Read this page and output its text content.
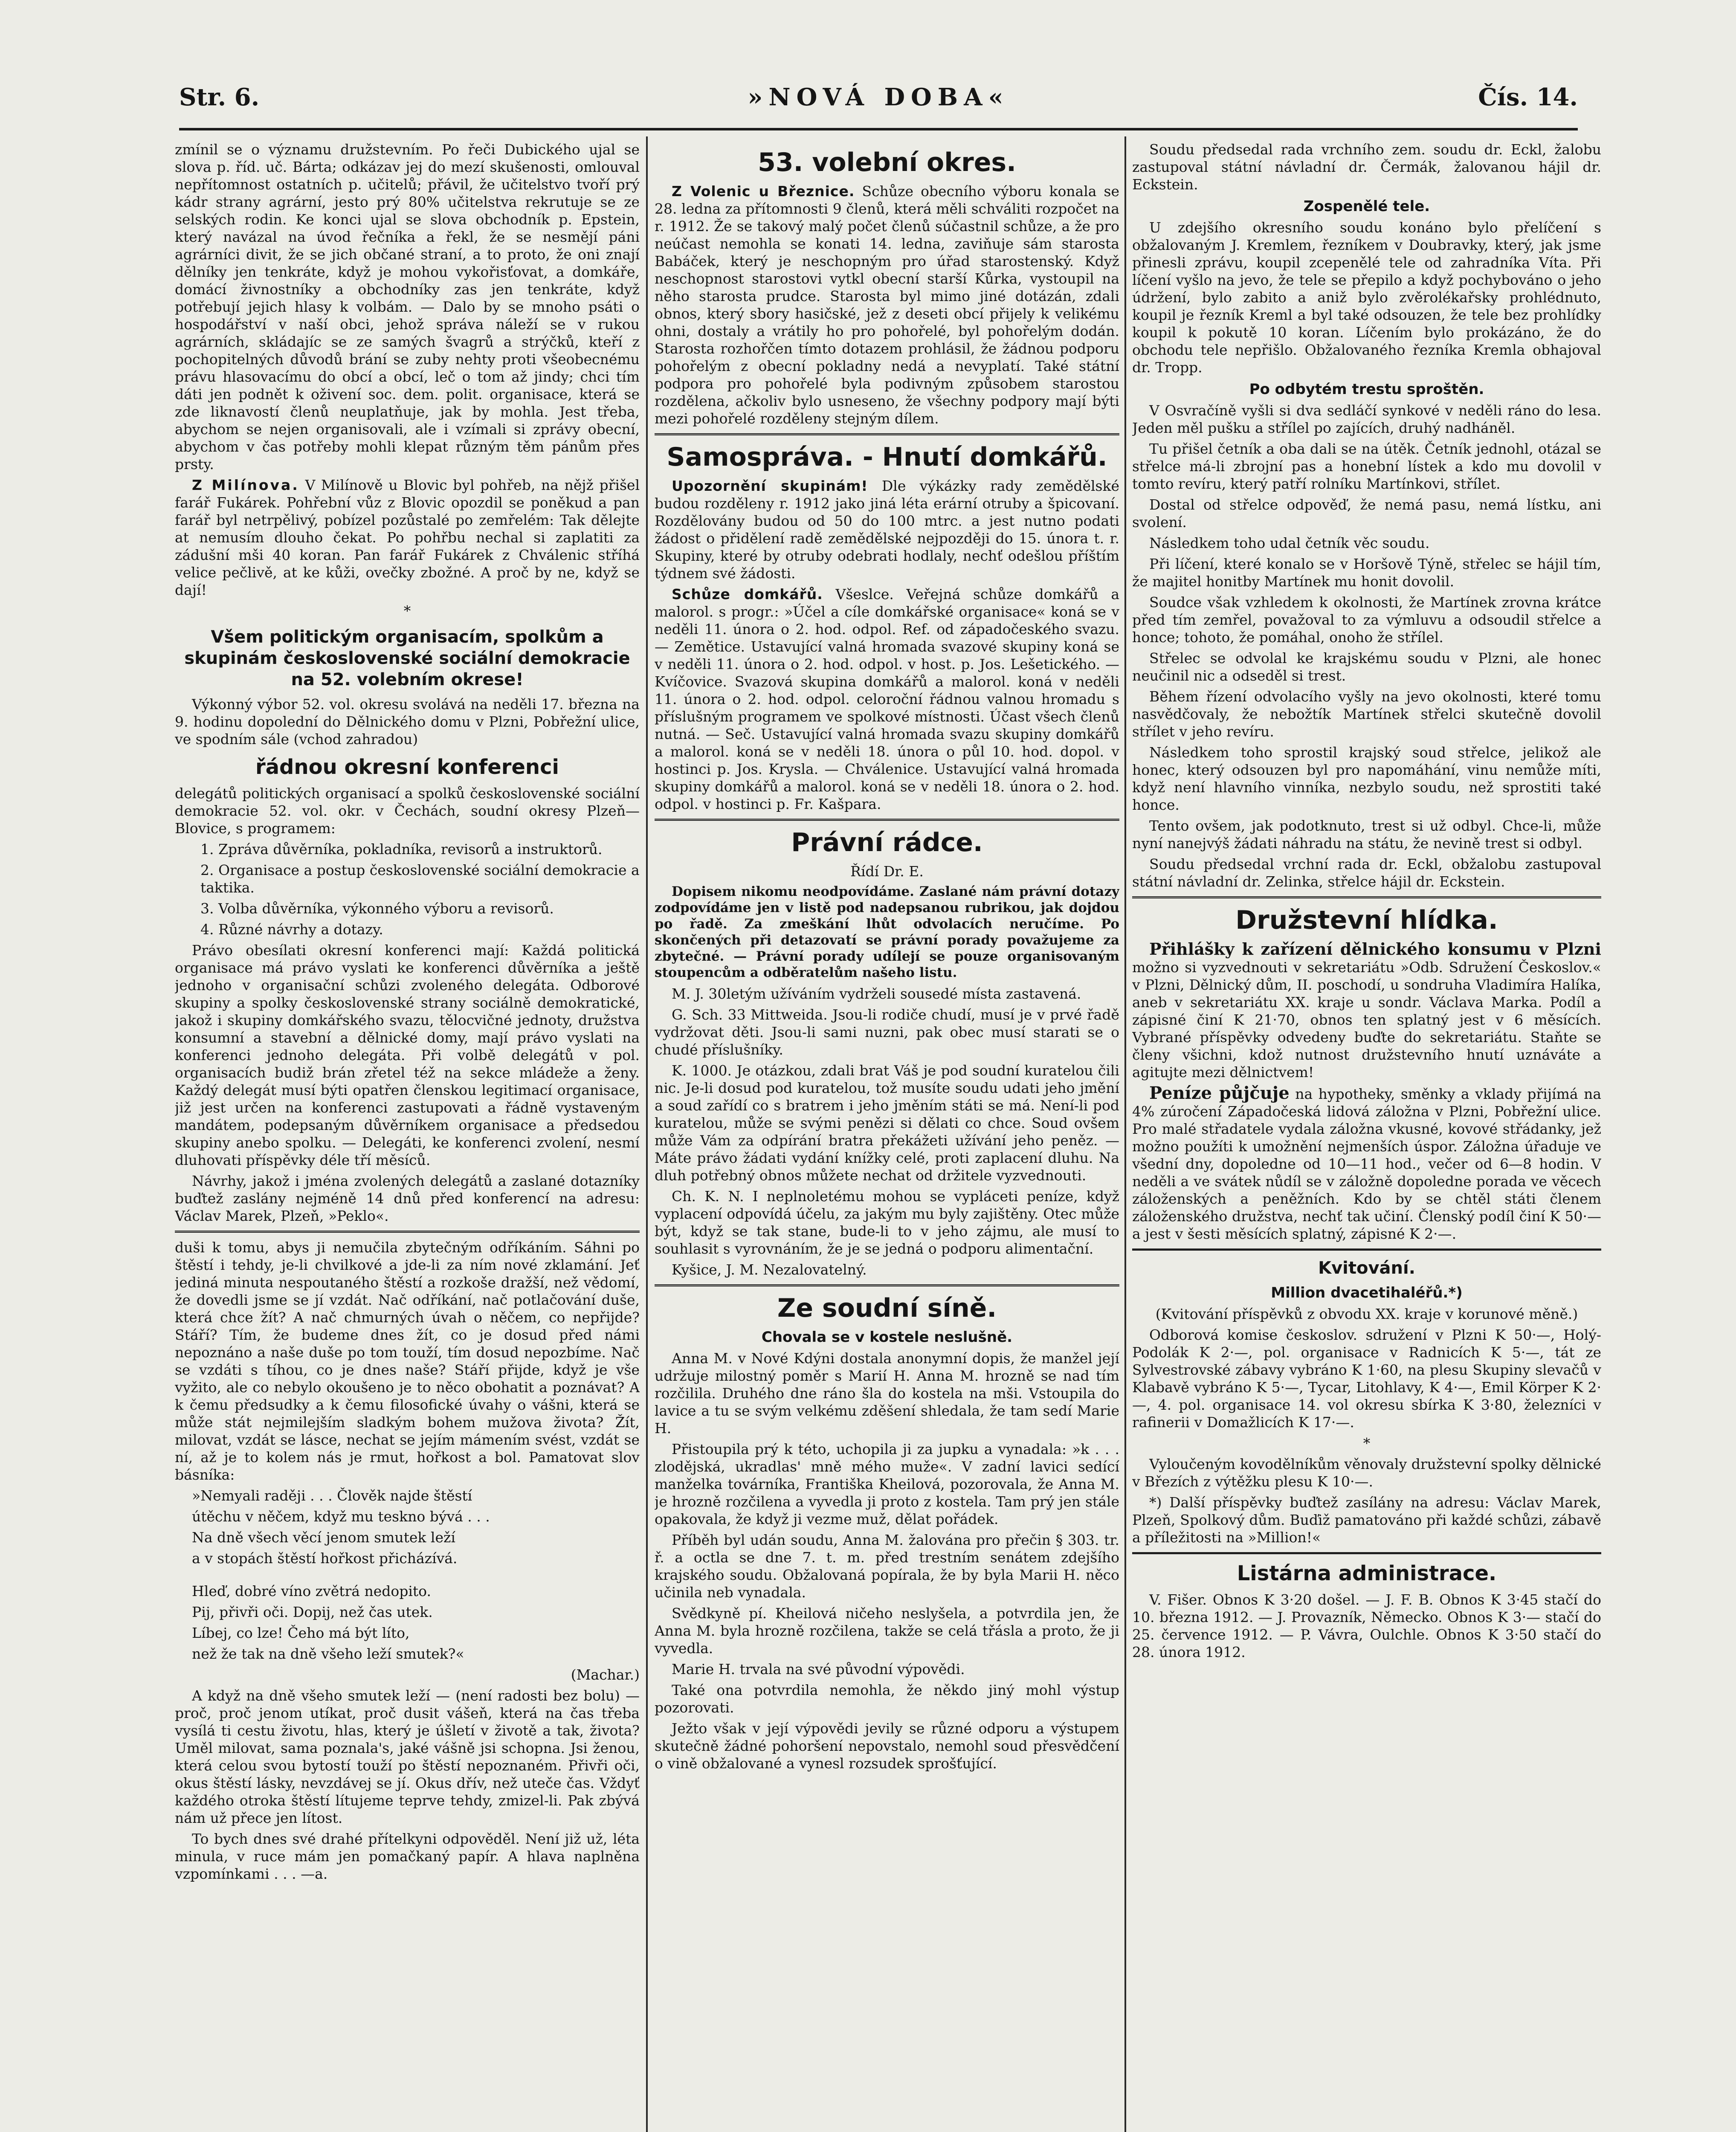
Str. 6.	»NOVÁ DOBA«	Čís. 14.

zmínil se o významu družstevním. Po řeči Dubického ujal se slova p. říd. uč. Bárta; odkázav jej do mezí skušenosti, omlouval nepřítomnost ostatních p. učitelů; přávil, že učitelstvo tvoří prý kádr strany agrární, jesto prý 80% učitelstva rekrutuje se ze selských rodin. Ke konci ujal se slova obchodník p. Epstein, který navázal na úvod řečníka a řekl, že se nesmějí páni agrárníci divit, že se jich občané straní, a to proto, že oni znají dělníky jen tenkráte, když je mohou vykořisťovat, a domkáře, domácí živnostníky a obchodníky zas jen tenkráte, když potřebují jejich hlasy k volbám. — Dalo by se mnoho psáti o hospodářství v naší obci, jehož správa náleží se v rukou agrárních, skládajíc se ze samých švagrů a strýčků, kteří z pochopitelných důvodů brání se zuby nehty proti všeobecnému právu hlasovacímu do obcí a obcí, leč o tom až jindy; chci tím dáti jen podnět k oživení soc. dem. polit. organisace, která se zde liknavostí členů neuplatňuje, jak by mohla. Jest třeba, abychom se nejen organisovali, ale i vzímali si zprávy obecní, abychom v čas potřeby mohli klepat různým těm pánům přes prsty.

Z Milínova. V Milínově u Blovic byl pohřeb, na nějž přišel farář Fukárek. Pohřební vůz z Blovic opozdil se poněkud a pan farář byl netrpělivý, pobízel pozůstalé po zemřelém: Tak dělejte at nemusím dlouho čekat. Po pohřbu nechal si zaplatiti za zádušní mši 40 koran. Pan farář Fukárek z Chválenic stříhá velice pečlivě, at ke kůži, ovečky zbožné. A proč by ne, když se dají!

*

Všem politickým organisacím, spolkům a skupinám československé sociální demokracie na 52. volebním okrese!

Výkonný výbor 52. vol. okresu svolává na neděli 17. března na 9. hodinu dopolední do Dělnického domu v Plzni, Pobřežní ulice, ve spodním sále (vchod zahradou)

řádnou okresní konferenci

delegátů politických organisací a spolků československé sociální demokracie 52. vol. okr. v Čechách, soudní okresy Plzeň—Blovice, s programem:

1. Zpráva důvěrníka, pokladníka, revisorů a instruktorů.

2. Organisace a postup československé sociální demokracie a taktika.

3. Volba důvěrníka, výkonného výboru a revisorů.

4. Různé návrhy a dotazy.

Právo obesílati okresní konferenci mají: Každá politická organisace má právo vyslati ke konferenci důvěrníka a ještě jednoho v organisační schůzi zvoleného delegáta. Odborové skupiny a spolky československé strany sociálně demokratické, jakož i skupiny domkářského svazu, tělocvičné jednoty, družstva konsumní a stavební a dělnické domy, mají právo vyslati na konferenci jednoho delegáta. Při volbě delegátů v pol. organisacích budiž brán zřetel též na sekce mládeže a ženy. Každý delegát musí býti opatřen členskou legitimací organisace, již jest určen na konferenci zastupovati a řádně vystaveným mandátem, podepsaným důvěrníkem organisace a předsedou skupiny anebo spolku. — Delegáti, ke konferenci zvolení, nesmí dluhovati příspěvky déle tří měsíců.

Návrhy, jakož i jména zvolených delegátů a zaslané dotazníky buďtež zaslány nejméně 14 dnů před konferencí na adresu: Václav Marek, Plzeň, »Peklo«.

duši k tomu, abys ji nemučila zbytečným odříkáním. Sáhni po štěstí i tehdy, je-li chvilkové a jde-li za ním nové zklamání. Jeť jediná minuta nespoutaného štěstí a rozkoše dražší, než vědomí, že dovedli jsme se jí vzdát. Nač odříkání, nač potlačování duše, která chce žít? A nač chmurných úvah o něčem, co nepřijde? Stáří? Tím, že budeme dnes žít, co je dosud před námi nepoznáno a naše duše po tom touží, tím dosud nepozbíme. Nač se vzdáti s tíhou, co je dnes naše? Stáří přijde, když je vše vyžito, ale co nebylo okoušeno je to něco obohatit a poznávat? A k čemu předsudky a k čemu filosofické úvahy o vášni, která se může stát nejmilejším sladkým bohem mužova života? Žít, milovat, vzdát se lásce, nechat se jejím mámením svést, vzdát se ní, až je to kolem nás je rmut, hořkost a bol. Pamatovat slov básníka:

»Nemyali raději . . . Člověk najde štěstí

útěchu v něčem, když mu teskno bývá . . .

Na dně všech věcí jenom smutek leží

a v stopách štěstí hořkost přicházívá.

Hleď, dobré víno zvětrá nedopito.

Pij, přivři oči. Dopij, než čas utek.

Líbej, co lze! Čeho má být líto,

než že tak na dně všeho leží smutek?«

(Machar.)

A když na dně všeho smutek leží — (není radosti bez bolu) — proč, proč jenom utíkat, proč dusit vášeň, která na čas třeba vysílá ti cestu životu, hlas, který je úšletí v životě a tak, života? Uměl milovat, sama poznala's, jaké vášně jsi schopna. Jsi ženou, která celou svou bytostí touží po štěstí nepoznaném. Přivři oči, okus štěstí lásky, nevzdávej se jí. Okus dřív, než uteče čas. Vždyť každého otroka štěstí lítujeme teprve tehdy, zmizel-li. Pak zbývá nám už přece jen lítost.

To bych dnes své drahé přítelkyni odpověděl. Není již už, léta minula, v ruce mám jen pomačkaný papír. A hlava naplněna vzpomínkami . . . —a.

53. volební okres.

Z Volenic u Březnice. Schůze obecního výboru konala se 28. ledna za přítomnosti 9 členů, která měli schváliti rozpočet na r. 1912. Že se takový malý počet členů súčastnil schůze, a že pro neúčast nemohla se konati 14. ledna, zaviňuje sám starosta Babáček, který je neschopným pro úřad starostenský. Když neschopnost starostovi vytkl obecní starší Kůrka, vystoupil na něho starosta prudce. Starosta byl mimo jiné dotázán, zdali obnos, který sbory hasičské, jež z deseti obcí přijely k velikému ohni, dostaly a vrátily ho pro pohořelé, byl pohořelým dodán. Starosta rozhořčen tímto dotazem prohlásil, že žádnou podporu pohořelým z obecní pokladny nedá a nevyplatí. Také státní podpora pro pohořelé byla podivným způsobem starostou rozdělena, ačkoliv bylo usneseno, že všechny podpory mají býti mezi pohořelé rozděleny stejným dílem.

Samospráva. - Hnutí domkářů.

Upozornění skupinám! Dle výkázky rady zemědělské budou rozděleny r. 1912 jako jiná léta erární otruby a špicovaní. Rozdělovány budou od 50 do 100 mtrc. a jest nutno podati žádost o přidělení radě zemědělské nejpozději do 15. února t. r. Skupiny, které by otruby odebrati hodlaly, nechť odešlou příštím týdnem své žádosti.

Schůze domkářů. Všeslce. Veřejná schůze domkářů a malorol. s progr.: »Účel a cíle domkářské organisace« koná se v neděli 11. února o 2. hod. odpol. Ref. od západočeského svazu. — Zemětice. Ustavující valná hromada svazové skupiny koná se v neděli 11. února o 2. hod. odpol. v host. p. Jos. Lešetického. — Kvíčovice. Svazová skupina domkářů a malorol. koná v neděli 11. února o 2. hod. odpol. celoroční řádnou valnou hromadu s příslušným programem ve spolkové místnosti. Účast všech členů nutná. — Seč. Ustavující valná hromada svazu skupiny domkářů a malorol. koná se v neděli 18. února o půl 10. hod. dopol. v hostinci p. Jos. Krysla. — Chválenice. Ustavující valná hromada skupiny domkářů a malorol. koná se v neděli 18. února o 2. hod. odpol. v hostinci p. Fr. Kašpara.

Právní rádce.

Řídí Dr. E.

Dopisem nikomu neodpovídáme. Zaslané nám právní dotazy zodpovídáme jen v listě pod nadepsanou rubrikou, jak dojdou po řadě. Za zmeškání lhůt odvolacích neručíme. Po skončených při detazovatí se právní porady považujeme za zbytečné. — Právní porady udílejí se pouze organisovaným stoupencům a odběratelům našeho listu.

M. J. 30letým užíváním vydrželi sousedé místa zastavená.

G. Sch. 33 Mittweida. Jsou-li rodiče chudí, musí je v prvé řadě vydržovat děti. Jsou-li sami nuzni, pak obec musí starati se o chudé příslušníky.

K. 1000. Je otázkou, zdali brat Váš je pod soudní kuratelou čili nic. Je-li dosud pod kuratelou, tož musíte soudu udati jeho jmění a soud zařídí co s bratrem i jeho jměním státi se má. Není-li pod kuratelou, může se svými penězi si dělati co chce. Soud ovšem může Vám za odpírání bratra překážeti užívání jeho peněz. — Máte právo žádati vydání knížky celé, proti zaplacení dluhu. Na dluh potřebný obnos můžete nechat od držitele vyzvednouti.

Ch. K. N. I neplnoletému mohou se vypláceti peníze, když vyplacení odpovídá účelu, za jakým mu byly zajištěny. Otec může být, když se tak stane, bude-li to v jeho zájmu, ale musí to souhlasit s vyrovnáním, že je se jedná o podporu alimentační.

Kyšice, J. M. Nezalovatelný.

Ze soudní síně.
Chovala se v kostele neslušně.

Anna M. v Nové Kdýni dostala anonymní dopis, že manžel její udržuje milostný poměr s Marií H. Anna M. hrozně se nad tím rozčilila. Druhého dne ráno šla do kostela na mši. Vstoupila do lavice a tu se svým velkému zděšení shledala, že tam sedí Marie H.

Přistoupila prý k této, uchopila ji za jupku a vynadala: »k . . . zlodějská, ukradlas' mně mého muže«. V zadní lavici sedící manželka továrníka, Františka Kheilová, pozorovala, že Anna M. je hrozně rozčilena a vyvedla ji proto z kostela. Tam prý jen stále opakovala, že když ji vezme muž, dělat pořádek.

Příběh byl udán soudu, Anna M. žalována pro přečin § 303. tr. ř. a octla se dne 7. t. m. před trestním senátem zdejšího krajského soudu. Obžalovaná popírala, že by byla Marii H. něco učinila neb vynadala.

Svědkyně pí. Kheilová ničeho neslyšela, a potvrdila jen, že Anna M. byla hrozně rozčilena, takže se celá třásla a proto, že ji vyvedla.

Marie H. trvala na své původní výpovědi.

Také ona potvrdila nemohla, že někdo jiný mohl výstup pozorovati.

Ježto však v její výpovědi jevily se různé odporu a výstupem skutečně žádné pohoršení nepovstalo, nemohl soud přesvědčení o vině obžalované a vynesl rozsudek sprošťující.

Soudu předsedal rada vrchního zem. soudu dr. Eckl, žalobu zastupoval státní návladní dr. Čermák, žalovanou hájil dr. Eckstein.

Zospenělé tele.

U zdejšího okresního soudu konáno bylo přelíčení s obžalovaným J. Kremlem, řezníkem v Doubravky, který, jak jsme přinesli zprávu, koupil zcepenělé tele od zahradníka Víta. Při líčení vyšlo na jevo, že tele se přepilo a když pochybováno o jeho údržení, bylo zabito a aniž bylo zvěrolékařsky prohlédnuto, koupil je řezník Kreml a byl také odsouzen, že tele bez prohlídky koupil k pokutě 10 koran. Líčením bylo prokázáno, že do obchodu tele nepřišlo. Obžalovaného řezníka Kremla obhajoval dr. Tropp.

Po odbytém trestu sproštěn.

V Osvračíně vyšli si dva sedláčí synkové v neděli ráno do lesa. Jeden měl pušku a střílel po zajících, druhý nadháněl.

Tu přišel četník a oba dali se na útěk. Četník jednohl, otázal se střelce má-li zbrojní pas a honební lístek a kdo mu dovolil v tomto revíru, který patří rolníku Martínkovi, střílet.

Dostal od střelce odpověď, že nemá pasu, nemá lístku, ani svolení.

Následkem toho udal četník věc soudu.

Při líčení, které konalo se v Horšově Týně, střelec se hájil tím, že majitel honitby Martínek mu honit dovolil.

Soudce však vzhledem k okolnosti, že Martínek zrovna krátce před tím zemřel, považoval to za výmluvu a odsoudil střelce a honce; tohoto, že pomáhal, onoho že střílel.

Střelec se odvolal ke krajskému soudu v Plzni, ale honec neučinil nic a odseděl si trest.

Během řízení odvolacího vyšly na jevo okolnosti, které tomu nasvědčovaly, že nebožtík Martínek střelci skutečně dovolil střílet v jeho revíru.

Následkem toho sprostil krajský soud střelce, jelikož ale honec, který odsouzen byl pro napomáhání, vinu nemůže míti, když není hlavního vinníka, nezbylo soudu, než sprostiti také honce.

Tento ovšem, jak podotknuto, trest si už odbyl. Chce-li, může nyní nanejvýš žádati náhradu na státu, že nevině trest si odbyl.

Soudu předsedal vrchní rada dr. Eckl, obžalobu zastupoval státní návladní dr. Zelinka, střelce hájil dr. Eckstein.

Družstevní hlídka.

Přihlášky k zařízení dělnického konsumu v Plzni možno si vyzvednouti v sekretariátu »Odb. Sdružení Českoslov.« v Plzni, Dělnický dům, II. poschodí, u sondruha Vladimíra Halíka, aneb v sekretariátu XX. kraje u sondr. Václava Marka. Podíl a zápisné činí K 21·70, obnos ten splatný jest v 6 měsících. Vybrané příspěvky odvedeny buďte do sekretariátu. Staňte se členy všichni, kdož nutnost družstevního hnutí uznáváte a agitujte mezi dělnictvem!

Peníze půjčuje na hypotheky, směnky a vklady přijímá na 4% zúročení Západočeská lidová záložna v Plzni, Pobřežní ulice. Pro malé střadatele vydala záložna vkusné, kovové střádanky, jež možno použíti k umožnění nejmenších úspor. Záložna úřaduje ve všední dny, dopoledne od 10—11 hod., večer od 6—8 hodin. V neděli a ve svátek nůdíl se v záložně dopoledne porada ve věcech záloženských a peněžních. Kdo by se chtěl státi členem záloženského družstva, nechť tak učiní. Členský podíl činí K 50·— a jest v šesti měsících splatný, zápisné K 2·—.

Kvitování.
Million dvacetihaléřů.*)

(Kvitování příspěvků z obvodu XX. kraje v korunové měně.)

Odborová komise českoslov. sdružení v Plzni K 50·—, Holý-Podolák K 2·—, pol. organisace v Radnicích K 5·—, tát ze Sylvestrovské zábavy vybráno K 1·60, na plesu Skupiny slevačů v Klabavě vybráno K 5·—, Tycar, Litohlavy, K 4·—, Emil Körper K 2·—, 4. pol. organisace 14. vol okresu sbírka K 3·80, železníci v rafinerii v Domažlicích K 17·—.

*

Vyloučeným kovodělníkům věnovaly družstevní spolky dělnické v Březích z výtěžku plesu K 10·—.

*) Další příspěvky buďtež zasílány na adresu: Václav Marek, Plzeň, Spolkový dům. Buďiž pamatováno při každé schůzi, zábavě a příležitosti na »Million!«

Listárna administrace.

V. Fišer. Obnos K 3·20 došel. — J. F. B. Obnos K 3·45 stačí do 10. března 1912. — J. Provazník, Německo. Obnos K 3·— stačí do 25. července 1912. — P. Vávra, Oulchle. Obnos K 3·50 stačí do 28. února 1912.
